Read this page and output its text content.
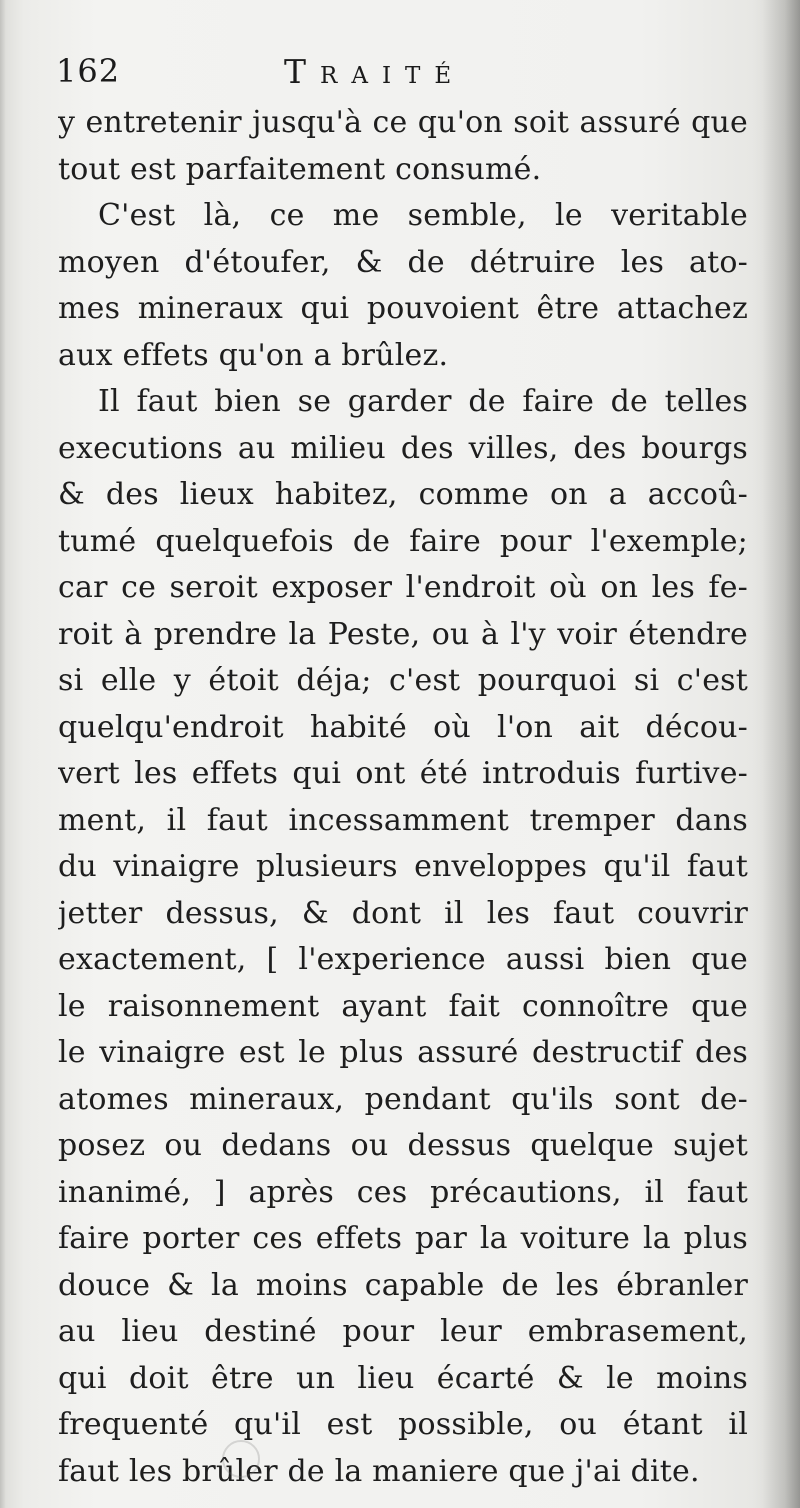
162	Traité
y entretenir jusqu'à ce qu'on soit assuré que
tout est parfaitement consumé.
C'est là, ce me semble, le veritable
moyen d'étoufer, & de détruire les ato-
mes mineraux qui pouvoient être attachez
aux effets qu'on a brûlez.
Il faut bien se garder de faire de telles
executions au milieu des villes, des bourgs
& des lieux habitez, comme on a accoû-
tumé quelquefois de faire pour l'exemple;
car ce seroit exposer l'endroit où on les fe-
roit à prendre la Peste, ou à l'y voir étendre
si elle y étoit déja; c'est pourquoi si c'est
quelqu'endroit habité où l'on ait décou-
vert les effets qui ont été introduis furtive-
ment, il faut incessamment tremper dans
du vinaigre plusieurs enveloppes qu'il faut
jetter dessus, & dont il les faut couvrir
exactement, [ l'experience aussi bien que
le raisonnement ayant fait connoître que
le vinaigre est le plus assuré destructif des
atomes mineraux, pendant qu'ils sont de-
posez ou dedans ou dessus quelque sujet
inanimé, ] après ces précautions, il faut
faire porter ces effets par la voiture la plus
douce & la moins capable de les ébranler
au lieu destiné pour leur embrasement,
qui doit être un lieu écarté & le moins
frequenté qu'il est possible, ou étant il
faut les brûler de la maniere que j'ai dite.
